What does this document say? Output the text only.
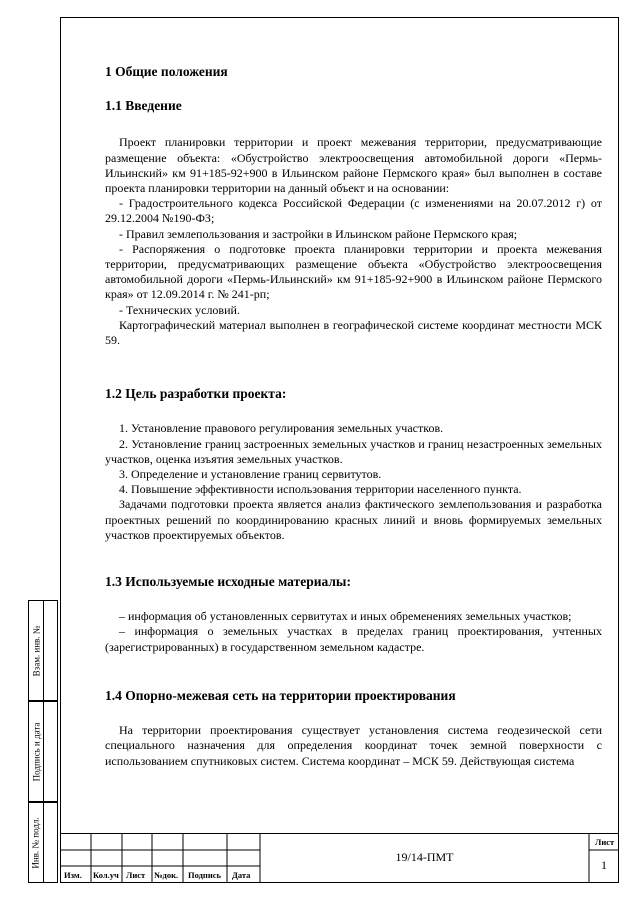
1 Общие положения
1.1 Введение

Проект планировки территории и проект межевания территории, предусматривающие размещение объекта: «Обустройство электроосвещения автомобильной дороги «Пермь-Ильинский» км 91+185-92+900 в Ильинском районе Пермского края» был выполнен в составе проекта планировки территории на данный объект и на основании:

- Градостроительного кодекса Российской Федерации (с изменениями на 20.07.2012 г) от 29.12.2004 №190-ФЗ;

- Правил землепользования и застройки в Ильинском районе Пермского края;

- Распоряжения о подготовке проекта планировки территории и проекта межевания территории, предусматривающих размещение объекта «Обустройство электроосвещения автомобильной дороги «Пермь-Ильинский» км 91+185-92+900 в Ильинском районе Пермского края» от 12.09.2014 г. № 241-рп;

- Технических условий.

Картографический материал выполнен в географической системе координат местности МСК 59.

1.2 Цель разработки проекта:

1. Установление правового регулирования земельных участков.

2. Установление границ застроенных земельных участков и границ незастроенных земельных участков, оценка изъятия земельных участков.

3. Определение и установление границ сервитутов.

4. Повышение эффективности использования территории населенного пункта.

Задачами подготовки проекта является анализ фактического землепользования и разработка проектных решений по координированию красных линий и вновь формируемых земельных участков проектируемых объектов.

1.3 Используемые исходные материалы:

– информация об установленных сервитутах и иных обременениях земельных участков;

– информация о земельных участках в пределах границ проектирования, учтенных (зарегистрированных) в государственном земельном кадастре.

1.4 Опорно-межевая сеть на территории проектирования

На территории проектирования существует установления система геодезической сети специального назначения для определения координат точек земной поверхности с использованием спутниковых систем. Система координат – МСК 59. Действующая система

Взам. инв. №
Подпись и дата
Инв. № подл.
Изм. Кол.уч Лист №док. Подпись Дата
19/14-ПМТ
Лист
1
